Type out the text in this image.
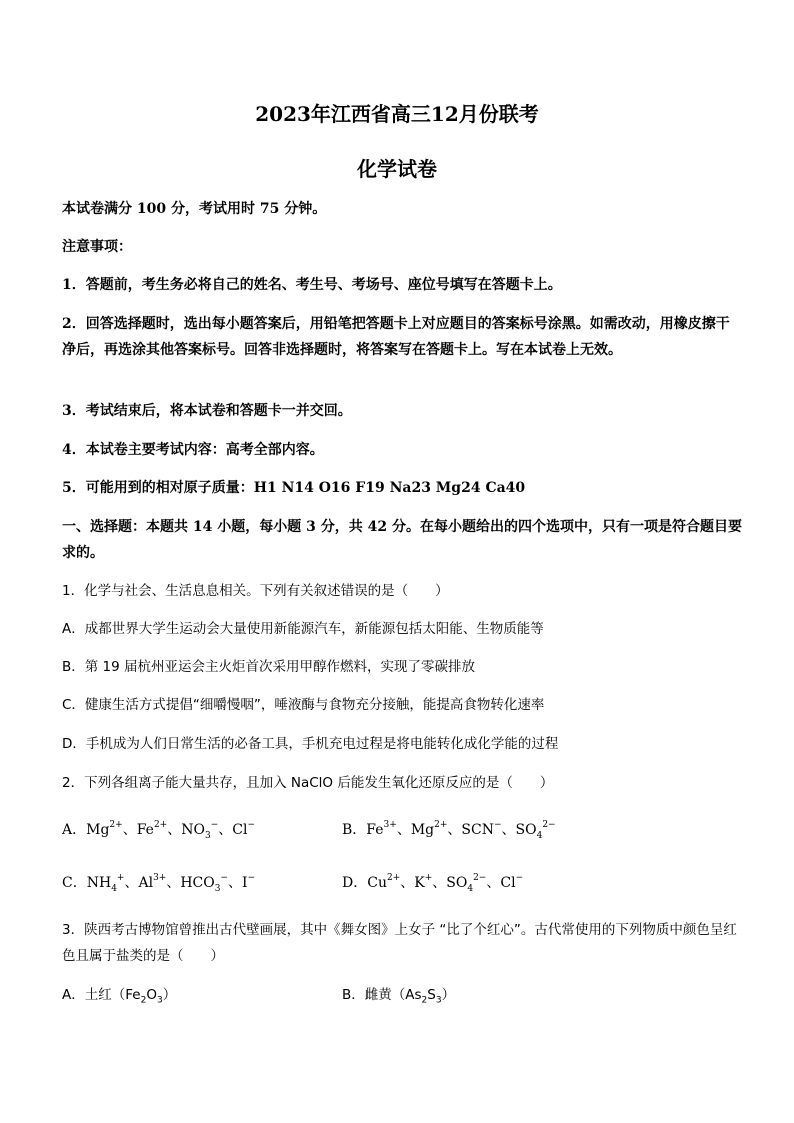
2023年江西省高三12月份联考
化学试卷
本试卷满分 100 分，考试用时 75 分钟。
注意事项：
1．答题前，考生务必将自己的姓名、考生号、考场号、座位号填写在答题卡上。
2．回答选择题时，选出每小题答案后，用铅笔把答题卡上对应题目的答案标号涂黑。如需改动，用橡皮擦干净后，再选涂其他答案标号。回答非选择题时，将答案写在答题卡上。写在本试卷上无效。
3．考试结束后，将本试卷和答题卡一并交回。
4．本试卷主要考试内容：高考全部内容。
5．可能用到的相对原子质量：H1 N14 O16 F19 Na23 Mg24 Ca40
一、选择题：本题共 14 小题，每小题 3 分，共 42 分。在每小题给出的四个选项中，只有一项是符合题目要求的。
1．化学与社会、生活息息相关。下列有关叙述错误的是（　　）
A．成都世界大学生运动会大量使用新能源汽车，新能源包括太阳能、生物质能等
B．第 19 届杭州亚运会主火炬首次采用甲醇作燃料，实现了零碳排放
C．健康生活方式提倡“细嚼慢咽”，唾液酶与食物充分接触，能提高食物转化速率
D．手机成为人们日常生活的必备工具，手机充电过程是将电能转化成化学能的过程
2．下列各组离子能大量共存，且加入 NaClO 后能发生氧化还原反应的是（　　）
A．$Mg^{2+}$、$Fe^{2+}$、$NO_3^-$、Cl−	B．$Fe^{3+}$、$Mg^{2+}$、SCN−、$SO_4^{2-}$
C．$NH_4^+$、$Al^{3+}$、$HCO_3^-$、I−	D．$Cu^{2+}$、K+、$SO_4^{2-}$、Cl−
3．陕西考古博物馆曾推出古代壁画展，其中《舞女图》上女子 “比了个红心”。古代常使用的下列物质中颜色呈红色且属于盐类的是（　　）
A．土红$(Fe_2O_3)$	B．雌黄$(As_2S_3)$
